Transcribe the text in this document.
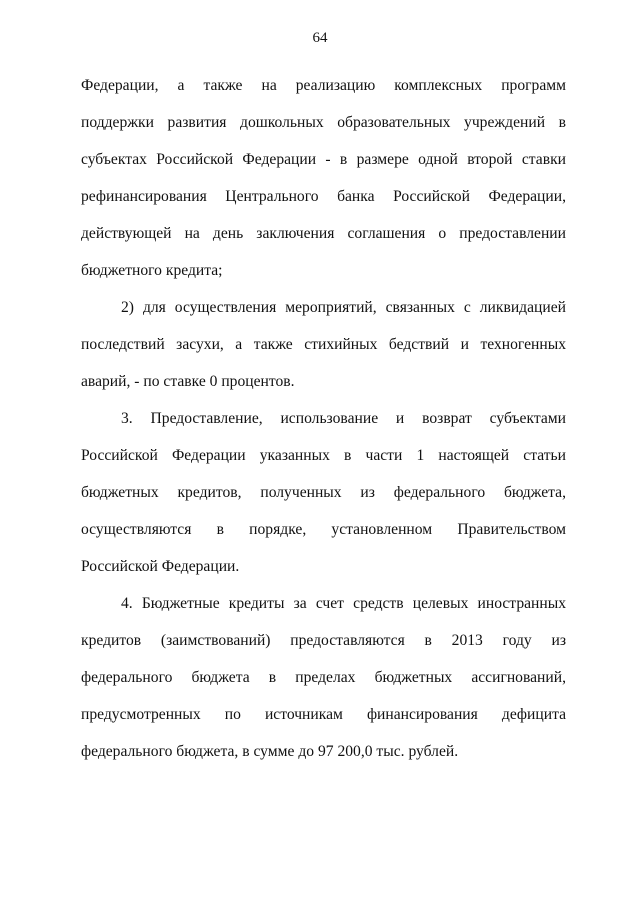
64
Федерации, а также на реализацию комплексных программ
поддержки развития дошкольных образовательных учреждений в
субъектах Российской Федерации - в размере одной второй ставки
рефинансирования Центрального банка Российской Федерации,
действующей на день заключения соглашения о предоставлении
бюджетного кредита;
2) для осуществления мероприятий, связанных с ликвидацией
последствий засухи, а также стихийных бедствий и техногенных
аварий, - по ставке 0 процентов.
3. Предоставление, использование и возврат субъектами
Российской Федерации указанных в части 1 настоящей статьи
бюджетных кредитов, полученных из федерального бюджета,
осуществляются в порядке, установленном Правительством
Российской Федерации.
4. Бюджетные кредиты за счет средств целевых иностранных
кредитов (заимствований) предоставляются в 2013 году из
федерального бюджета в пределах бюджетных ассигнований,
предусмотренных по источникам финансирования дефицита
федерального бюджета, в сумме до 97 200,0 тыс. рублей.
